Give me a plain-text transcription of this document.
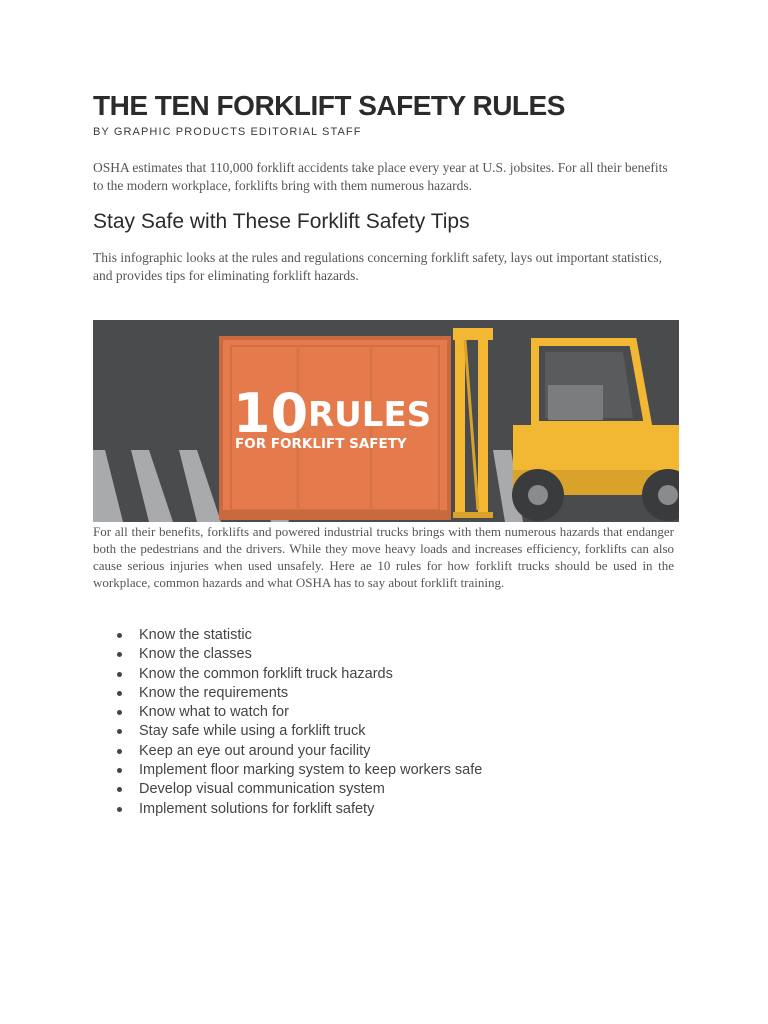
THE TEN FORKLIFT SAFETY RULES
BY GRAPHIC PRODUCTS EDITORIAL STAFF

OSHA estimates that 110,000 forklift accidents take place every year at U.S. jobsites. For all their benefits to the modern workplace, forklifts bring with them numerous hazards.

Stay Safe with These Forklift Safety Tips

This infographic looks at the rules and regulations concerning forklift safety, lays out important statistics, and provides tips for eliminating forklift hazards.

10 RULES
FOR FORKLIFT SAFETY

For all their benefits, forklifts and powered industrial trucks brings with them numerous hazards that endanger both the pedestrians and the drivers. While they move heavy loads and increases efficiency, forklifts can also cause serious injuries when used unsafely. Here ae 10 rules for how forklift trucks should be used in the workplace, common hazards and what OSHA has to say about forklift training.

Know the statistic
Know the classes
Know the common forklift truck hazards
Know the requirements
Know what to watch for
Stay safe while using a forklift truck
Keep an eye out around your facility
Implement floor marking system to keep workers safe
Develop visual communication system
Implement solutions for forklift safety
